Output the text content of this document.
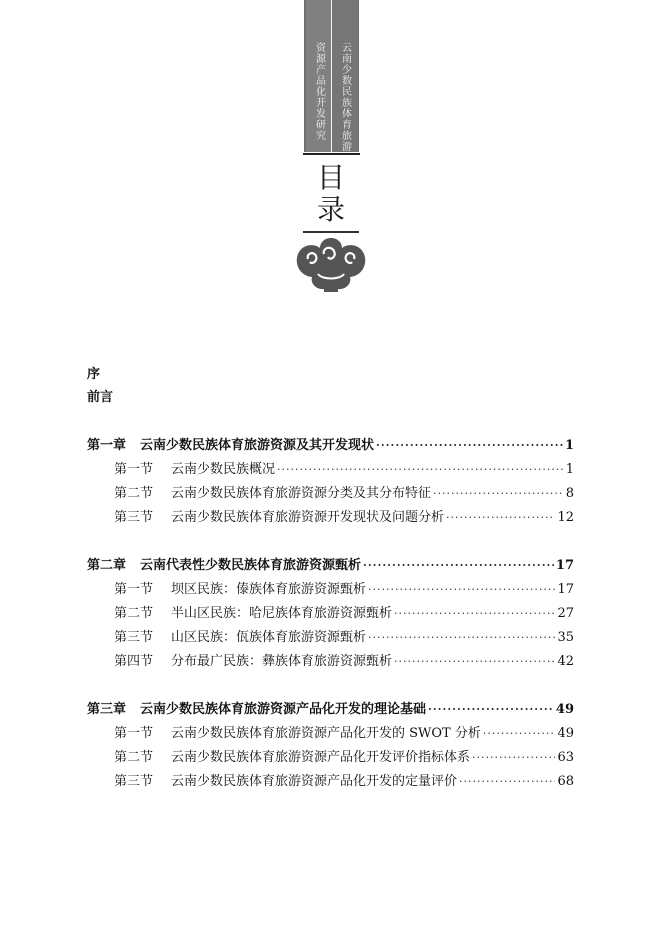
资源产品化开发研究	云南少数民族体育旅游
目
录
序
前言
第一章	云南少数民族体育旅游资源及其开发现状 ·····	1
第一节	云南少数民族概况 ·····	1
第二节	云南少数民族体育旅游资源分类及其分布特征 ·····	8
第三节	云南少数民族体育旅游资源开发现状及问题分析 ·····	12
第二章	云南代表性少数民族体育旅游资源甄析 ·····	17
第一节	坝区民族：傣族体育旅游资源甄析 ·····	17
第二节	半山区民族：哈尼族体育旅游资源甄析 ·····	27
第三节	山区民族：佤族体育旅游资源甄析 ·····	35
第四节	分布最广民族：彝族体育旅游资源甄析 ·····	42
第三章	云南少数民族体育旅游资源产品化开发的理论基础 ·····	49
第一节	云南少数民族体育旅游资源产品化开发的 SWOT 分析 ·····	49
第二节	云南少数民族体育旅游资源产品化开发评价指标体系 ·····	63
第三节	云南少数民族体育旅游资源产品化开发的定量评价 ·····	68
